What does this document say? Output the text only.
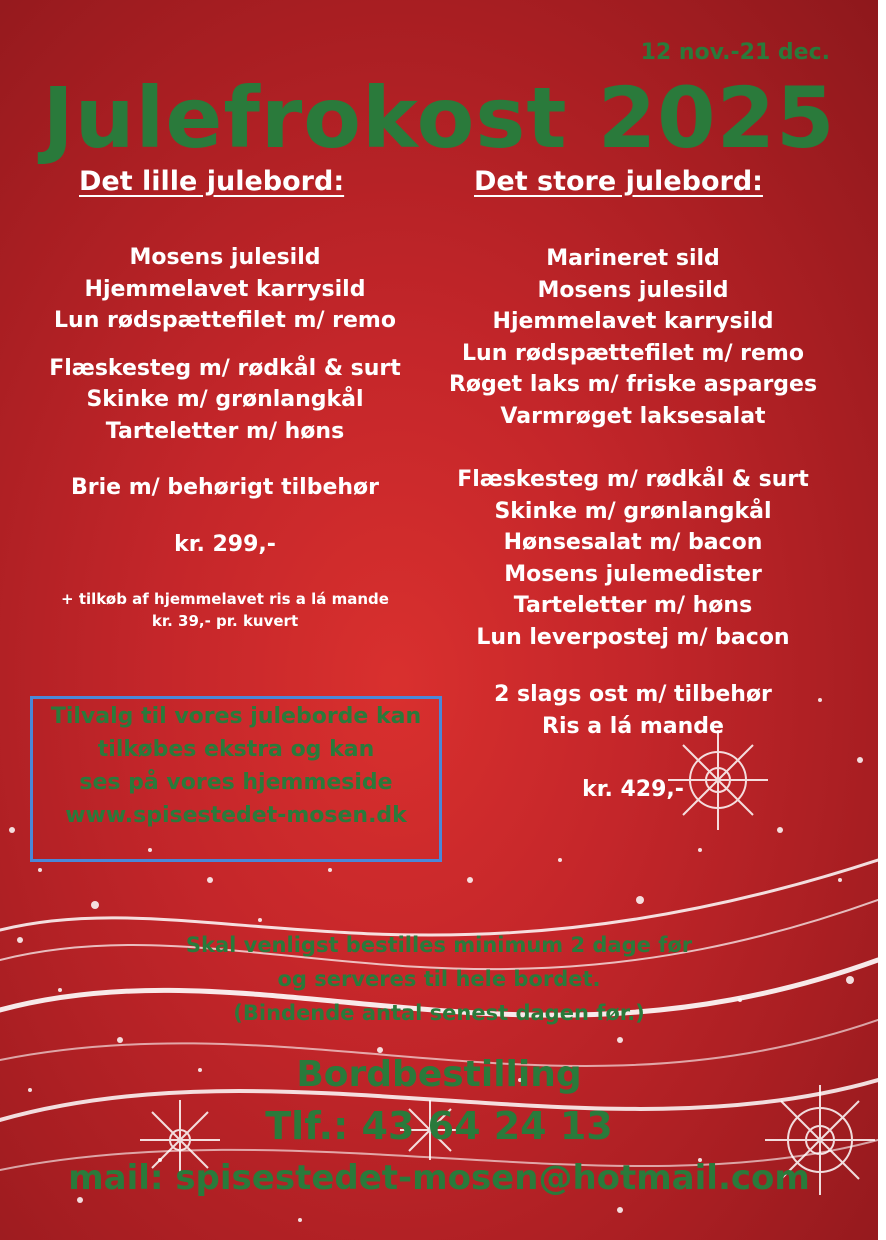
12 nov.-21 dec.
Julefrokost 2025
Det lille julebord:
Mosens julesild
Hjemmelavet karrysild
Lun rødspættefilet m/ remo
Flæskesteg m/ rødkål & surt
Skinke m/ grønlangkål
Tarteletter m/ høns
Brie m/ behørigt tilbehør
kr. 299,-
+ tilkøb af hjemmelavet ris a lá mande
kr. 39,- pr. kuvert
Tilvalg til vores juleborde kan
tilkøbes ekstra og kan
ses på vores hjemmeside
www.spisestedet-mosen.dk
Det store julebord:
Marineret sild
Mosens julesild
Hjemmelavet karrysild
Lun rødspættefilet m/ remo
Røget laks m/ friske asparges
Varmrøget laksesalat
Flæskesteg m/ rødkål & surt
Skinke m/ grønlangkål
Hønsesalat m/ bacon
Mosens julemedister
Tarteletter m/ høns
Lun leverpostej m/ bacon
2 slags ost m/ tilbehør
Ris a lá mande
kr. 429,-
Skal venligst bestilles minimum 2 dage før
og serveres til hele bordet.
(Bindende antal senest dagen før.)
Bordbestilling
Tlf.: 43 64 24 13
mail: spisestedet-mosen@hotmail.com
